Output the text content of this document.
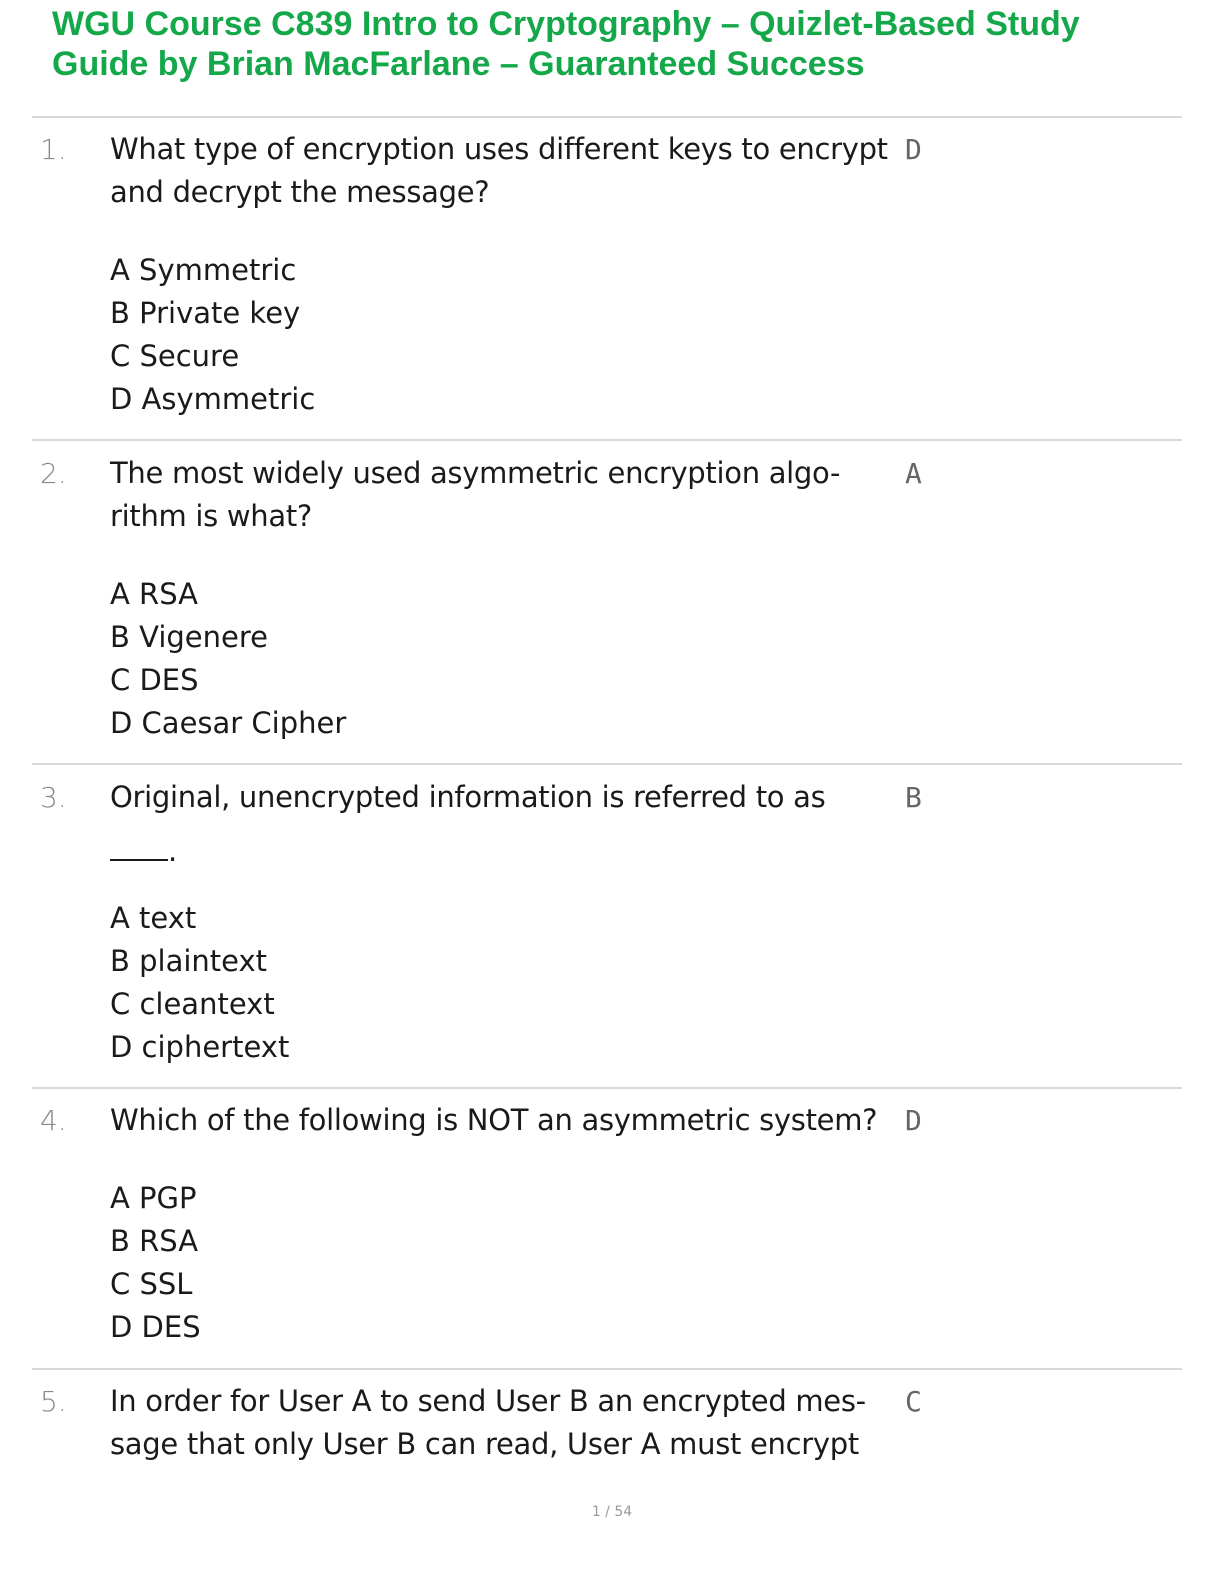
WGU Course C839 Intro to Cryptography – Quizlet-Based Study Guide by Brian MacFarlane – Guaranteed Success
1. What type of encryption uses different keys to encrypt
and decrypt the message?
D
A Symmetric
B Private key
C Secure
D Asymmetric
2. The most widely used asymmetric encryption algo-
rithm is what?
A
A RSA
B Vigenere
C DES
D Caesar Cipher
3. Original, unencrypted information is referred to as
.
B
A text
B plaintext
C cleantext
D ciphertext
4. Which of the following is NOT an asymmetric system? D
A PGP
B RSA
C SSL
D DES
5. In order for User A to send User B an encrypted mes-
sage that only User B can read, User A must encrypt
C
1 / 54
